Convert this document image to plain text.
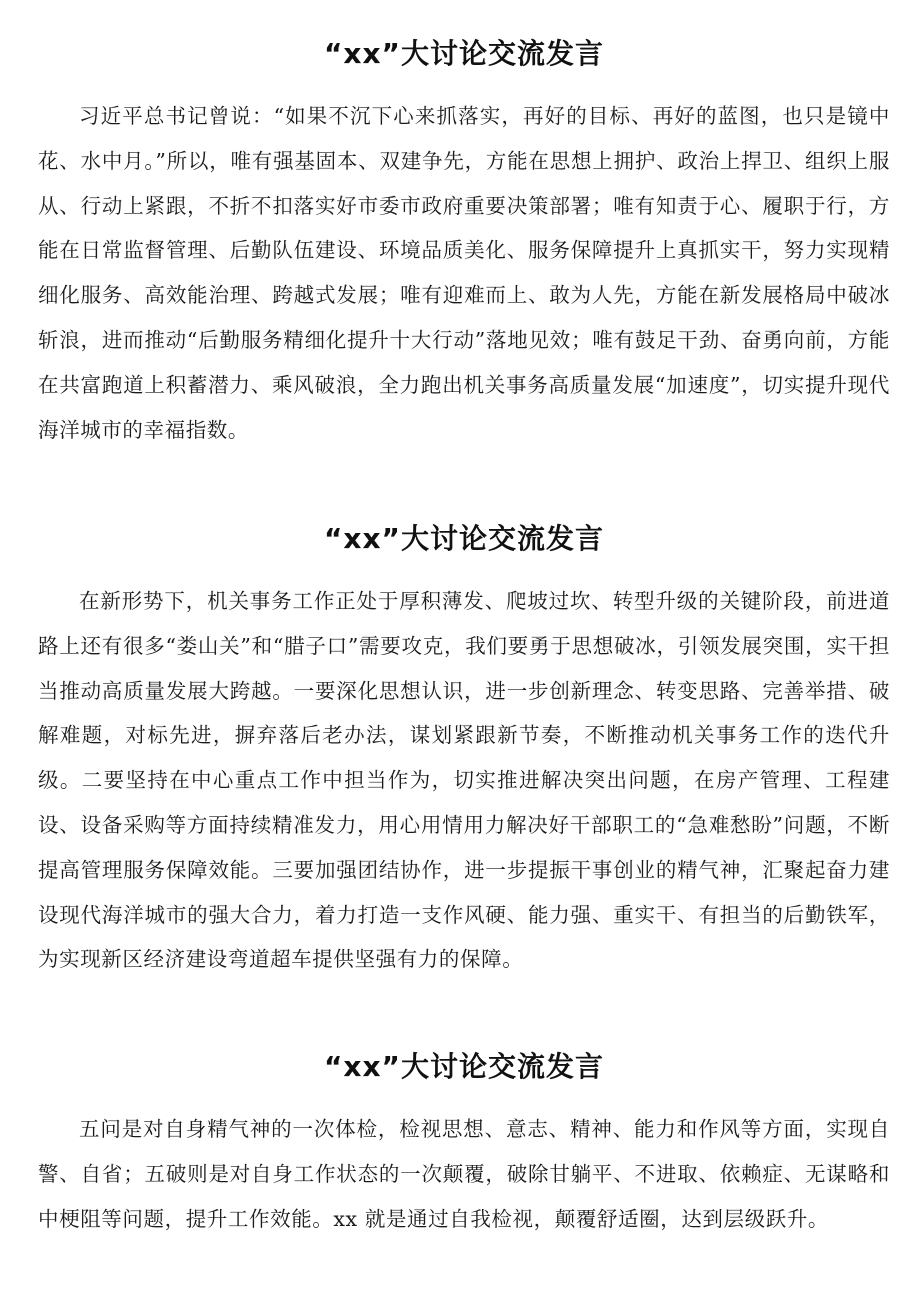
“xx”大讨论交流发言

习近平总书记曾说：“如果不沉下心来抓落实，再好的目标、再好的蓝图，也只是镜中花、水中月。”所以，唯有强基固本、双建争先，方能在思想上拥护、政治上捍卫、组织上服从、行动上紧跟，不折不扣落实好市委市政府重要决策部署；唯有知责于心、履职于行，方能在日常监督管理、后勤队伍建设、环境品质美化、服务保障提升上真抓实干，努力实现精细化服务、高效能治理、跨越式发展；唯有迎难而上、敢为人先，方能在新发展格局中破冰斩浪，进而推动“后勤服务精细化提升十大行动”落地见效；唯有鼓足干劲、奋勇向前，方能在共富跑道上积蓄潜力、乘风破浪，全力跑出机关事务高质量发展“加速度”，切实提升现代海洋城市的幸福指数。

“xx”大讨论交流发言

在新形势下，机关事务工作正处于厚积薄发、爬坡过坎、转型升级的关键阶段，前进道路上还有很多“娄山关”和“腊子口”需要攻克，我们要勇于思想破冰，引领发展突围，实干担当推动高质量发展大跨越。一要深化思想认识，进一步创新理念、转变思路、完善举措、破解难题，对标先进，摒弃落后老办法，谋划紧跟新节奏，不断推动机关事务工作的迭代升级。二要坚持在中心重点工作中担当作为，切实推进解决突出问题，在房产管理、工程建设、设备采购等方面持续精准发力，用心用情用力解决好干部职工的“急难愁盼”问题，不断提高管理服务保障效能。三要加强团结协作，进一步提振干事创业的精气神，汇聚起奋力建设现代海洋城市的强大合力，着力打造一支作风硬、能力强、重实干、有担当的后勤铁军，为实现新区经济建设弯道超车提供坚强有力的保障。

“xx”大讨论交流发言

五问是对自身精气神的一次体检，检视思想、意志、精神、能力和作风等方面，实现自警、自省；五破则是对自身工作状态的一次颠覆，破除甘躺平、不进取、依赖症、无谋略和中梗阻等问题，提升工作效能。xx 就是通过自我检视，颠覆舒适圈，达到层级跃升。
